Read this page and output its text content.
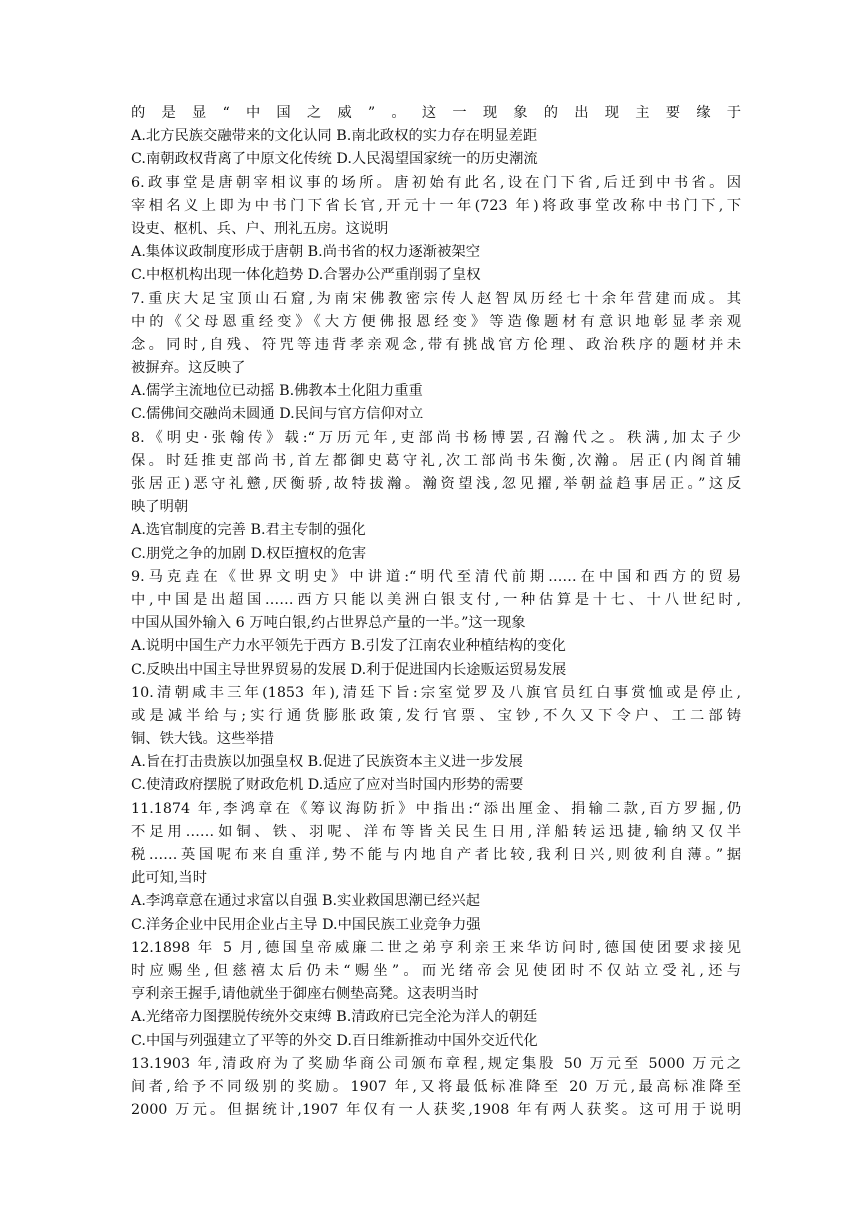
的是显“中国之威”。这一现象的出现主要缘于
A.北方民族交融带来的文化认同 B.南北政权的实力存在明显差距
C.南朝政权背离了中原文化传统 D.人民渴望国家统一的历史潮流
6.政事堂是唐朝宰相议事的场所。唐初始有此名,设在门下省,后迁到中书省。因
宰相名义上即为中书门下省长官,开元十一年(723 年)将政事堂改称中书门下,下
设吏、枢机、兵、户、刑礼五房。这说明
A.集体议政制度形成于唐朝 B.尚书省的权力逐渐被架空
C.中枢机构出现一体化趋势 D.合署办公严重削弱了皇权
7.重庆大足宝顶山石窟,为南宋佛教密宗传人赵智凤历经七十余年营建而成。其
中的《父母恩重经变》《大方便佛报恩经变》等造像题材有意识地彰显孝亲观
念。同时,自残、符咒等违背孝亲观念,带有挑战官方伦理、政治秩序的题材并未
被摒弃。这反映了
A.儒学主流地位已动摇 B.佛教本土化阻力重重
C.儒佛间交融尚未圆通 D.民间与官方信仰对立
8.《明史·张翰传》载:“万历元年,吏部尚书杨博罢,召瀚代之。秩满,加太子少
保。时廷推吏部尚书,首左都御史葛守礼,次工部尚书朱衡,次瀚。居正(内阁首辅
张居正)恶守礼戆,厌衡骄,故特拔瀚。瀚资望浅,忽见擢,举朝益趋事居正。”这反
映了明朝
A.选官制度的完善 B.君主专制的强化
C.朋党之争的加剧 D.权臣擅权的危害
9.马克垚在《世界文明史》中讲道:“明代至清代前期……在中国和西方的贸易
中,中国是出超国……西方只能以美洲白银支付,一种估算是十七、十八世纪时,
中国从国外输入 6 万吨白银,约占世界总产量的一半。”这一现象
A.说明中国生产力水平领先于西方 B.引发了江南农业种植结构的变化
C.反映出中国主导世界贸易的发展 D.利于促进国内长途贩运贸易发展
10.清朝咸丰三年(1853 年),清廷下旨:宗室觉罗及八旗官员红白事赏恤或是停止,
或是减半给与;实行通货膨胀政策,发行官票、宝钞,不久又下令户、工二部铸
铜、铁大钱。这些举措
A.旨在打击贵族以加强皇权 B.促进了民族资本主义进一步发展
C.使清政府摆脱了财政危机 D.适应了应对当时国内形势的需要
11.1874 年,李鸿章在《筹议海防折》中指出:“添出厘金、捐输二款,百方罗掘,仍
不足用……如铜、铁、羽呢、洋布等皆关民生日用,洋船转运迅捷,输纳又仅半
税……英国呢布来自重洋,势不能与内地自产者比较,我利日兴,则彼利自薄。”据
此可知,当时
A.李鸿章意在通过求富以自强 B.实业救国思潮已经兴起
C.洋务企业中民用企业占主导 D.中国民族工业竞争力强
12.1898 年 5 月,德国皇帝威廉二世之弟亨利亲王来华访问时,德国使团要求接见
时应赐坐,但慈禧太后仍未“赐坐”。而光绪帝会见使团时不仅站立受礼,还与
亨利亲王握手,请他就坐于御座右侧垫高凳。这表明当时
A.光绪帝力图摆脱传统外交束缚 B.清政府已完全沦为洋人的朝廷
C.中国与列强建立了平等的外交 D.百日维新推动中国外交近代化
13.1903 年,清政府为了奖励华商公司颁布章程,规定集股 50 万元至 5000 万元之
间者,给予不同级别的奖励。1907 年,又将最低标准降至 20 万元,最高标准降至
2000 万元。但据统计,1907 年仅有一人获奖,1908 年有两人获奖。这可用于说明
